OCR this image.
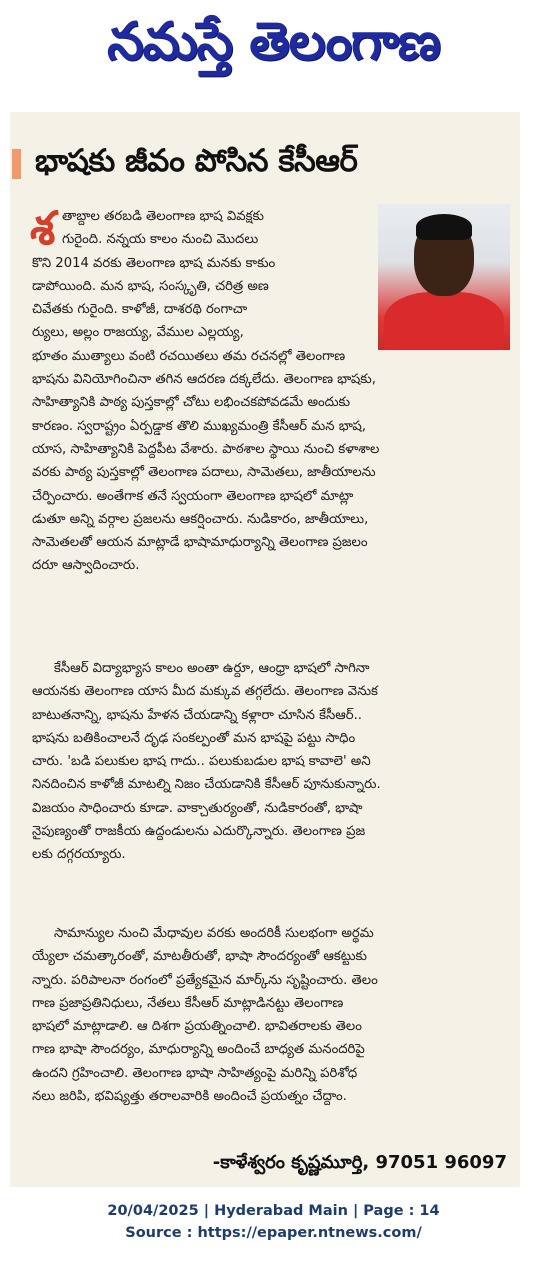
నమస్తే తెలంగాణ
భాషకు జీవం పోసిన కేసీఆర్
శ తాబ్దాల తరబడి తెలంగాణ భాష వివక్షకు
గురైంది. నన్నయ కాలం నుంచి మొదలు
కొని 2014 వరకు తెలంగాణ భాష మనకు కాకుం
డాపోయింది. మన భాష, సంస్కృతి, చరిత్ర అణ
చివేతకు గురైంది. కాళోజీ, దాశరథి రంగాచా
ర్యులు, అల్లం రాజయ్య, వేముల ఎల్లయ్య,
భూతం ముత్యాలు వంటి రచయితలు తమ రచనల్లో తెలంగాణ
భాషను వినియోగించినా తగిన ఆదరణ దక్కలేదు. తెలంగాణ భాషకు,
సాహిత్యానికి పాఠ్య పుస్తకాల్లో చోటు లభించకపోవడమే అందుకు
కారణం. స్వరాష్ట్రం ఏర్పడ్డాక తొలి ముఖ్యమంత్రి కేసీఆర్ మన భాష,
యాస, సాహిత్యానికి పెద్దపీట వేశారు. పాఠశాల స్థాయి నుంచి కళాశాల
వరకు పాఠ్య పుస్తకాల్లో తెలంగాణ పదాలు, సామెతలు, జాతీయాలను
చేర్పించారు. అంతేగాక తనే స్వయంగా తెలంగాణ భాషలో మాట్లా
డుతూ అన్ని వర్గాల ప్రజలను ఆకర్షించారు. నుడికారం, జాతీయాలు,
సామెతలతో ఆయన మాట్లాడే భాషామాధుర్యాన్ని తెలంగాణ ప్రజలం
దరూ ఆస్వాదించారు.
కేసీఆర్ విద్యాభ్యాస కాలం అంతా ఉర్దూ, ఆంధ్రా భాషలో సాగినా
ఆయనకు తెలంగాణ యాస మీద మక్కువ తగ్గలేదు. తెలంగాణ వెనుక
బాటుతనాన్ని, భాషను హేళన చేయడాన్ని కళ్లారా చూసిన కేసీఆర్..
భాషను బతికించాలనే దృఢ సంకల్పంతో మన భాషపై పట్టు సాధిం
చారు. 'బడి పలుకుల భాష గాదు.. పలుకుబడుల భాష కావాలె' అని
నినదించిన కాళోజీ మాటల్ని నిజం చేయడానికి కేసీఆర్ పూనుకున్నారు.
విజయం సాధించారు కూడా. వాక్చాతుర్యంతో, నుడికారంతో, భాషా
నైపుణ్యంతో రాజకీయ ఉద్దండులను ఎదుర్కొన్నారు. తెలంగాణ ప్రజ
లకు దగ్గరయ్యారు.
సామాన్యుల నుంచి మేధావుల వరకు అందరికీ సులభంగా అర్థమ
య్యేలా చమత్కారంతో, మాటతీరుతో, భాషా సౌందర్యంతో ఆకట్టుకు
న్నారు. పరిపాలనా రంగంలో ప్రత్యేకమైన మార్క్‌ను సృష్టించారు. తెలం
గాణ ప్రజాప్రతినిధులు, నేతలు కేసీఆర్ మాట్లాడినట్టు తెలంగాణ
భాషలో మాట్లాడాలి. ఆ దిశగా ప్రయత్నించాలి. భావితరాలకు తెలం
గాణ భాషా సౌందర్యం, మాధుర్యాన్ని అందించే బాధ్యత మనందరిపై
ఉందని గ్రహించాలి. తెలంగాణ భాషా సాహిత్యంపై మరిన్ని పరిశోధ
నలు జరిపి, భవిష్యత్తు తరాలవారికి అందించే ప్రయత్నం చేద్దాం.
-కాళేశ్వరం కృష్ణమూర్తి, 97051 96097
20/04/2025 | Hyderabad Main | Page : 14
Source : https://epaper.ntnews.com/
